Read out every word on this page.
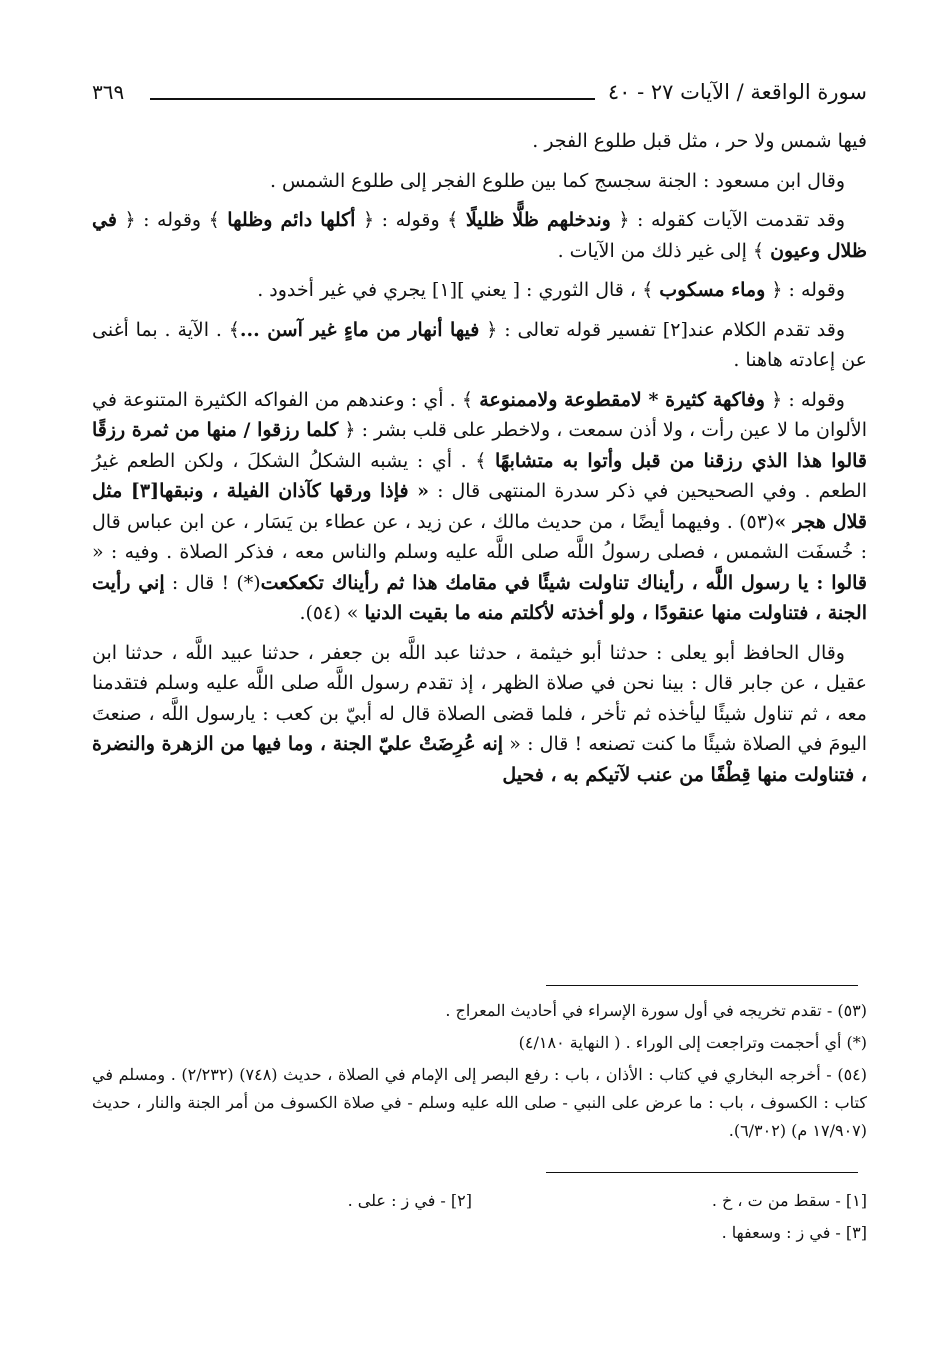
سورة الواقعة / الآيات ٢٧ - ٤٠
٣٦٩

فيها شمس ولا حر ، مثل قبل طلوع الفجر .

وقال ابن مسعود : الجنة سجسج كما بين طلوع الفجر إلى طلوع الشمس .

وقد تقدمت الآيات كقوله : ﴿ وندخلهم ظلًّا ظليلًا ﴾ وقوله : ﴿ أكلها دائم وظلها ﴾ وقوله : ﴿ في ظلال وعيون ﴾ إلى غير ذلك من الآيات .

وقوله : ﴿ وماء مسكوب ﴾ ، قال الثوري : [ يعني ][١] يجري في غير أخدود .

وقد تقدم الكلام عند[٢] تفسير قوله تعالى : ﴿ فيها أنهار من ماءٍ غير آسن ...﴾ . الآية . بما أغنى عن إعادته هاهنا .

وقوله : ﴿ وفاكهة كثيرة * لامقطوعة ولاممنوعة ﴾ . أي : وعندهم من الفواكه الكثيرة المتنوعة في الألوان ما لا عين رأت ، ولا أذن سمعت ، ولاخطر على قلب بشر : ﴿ كلما رزقوا / منها من ثمرة رزقًا قالوا هذا الذي رزقنا من قبل وأتوا به متشابهًا ﴾ . أي : يشبه الشكلُ الشكلَ ، ولكن الطعم غيرُ الطعم . وفي الصحيحين في ذكر سدرة المنتهى قال : « فإذا ورقها كآذان الفيلة ، ونبقها[٣] مثل قلال هجر »(٥٣) . وفيهما أيضًا ، من حديث مالك ، عن زيد ، عن عطاء بن يَسَار ، عن ابن عباس قال : خُسفَت الشمس ، فصلى رسولُ اللَّه صلى اللَّه عليه وسلم والناس معه ، فذكر الصلاة . وفيه : « قالوا : يا رسول اللَّه ، رأيناك تناولت شيئًا في مقامك هذا ثم رأيناك تكعكعت(*) ! قال : إني رأيت الجنة ، فتناولت منها عنقودًا ، ولو أخذته لأكلتم منه ما بقيت الدنيا » (٥٤).

وقال الحافظ أبو يعلى : حدثنا أبو خيثمة ، حدثنا عبد اللَّه بن جعفر ، حدثنا عبيد اللَّه ، حدثنا ابن عقيل ، عن جابر قال : بينا نحن في صلاة الظهر ، إذ تقدم رسول اللَّه صلى اللَّه عليه وسلم فتقدمنا معه ، ثم تناول شيئًا ليأخذه ثم تأخر ، فلما قضى الصلاة قال له أبيّ بن كعب : يارسول اللَّه ، صنعتَ اليومَ في الصلاة شيئًا ما كنت تصنعه ! قال : « إنه عُرِضَتْ عليّ الجنة ، وما فيها من الزهرة والنضرة ، فتناولت منها قِطْفًا من عنب لآتيكم به ، فحيل

(٥٣) - تقدم تخريجه في أول سورة الإسراء في أحاديث المعراج .

(*) أي أحجمت وتراجعت إلى الوراء . ( النهاية ٤/١٨٠)

(٥٤) - أخرجه البخاري في كتاب : الأذان ، باب : رفع البصر إلى الإمام في الصلاة ، حديث (٧٤٨) (٢/٢٣٢) . ومسلم في كتاب : الكسوف ، باب : ما عرض على النبي - صلى الله عليه وسلم - في صلاة الكسوف من أمر الجنة والنار ، حديث (١٧/٩٠٧ م) (٦/٣٠٢).

[١] - سقط من ت ، خ .
[٢] - في ز : على .
[٣] - في ز : وسعفها .
